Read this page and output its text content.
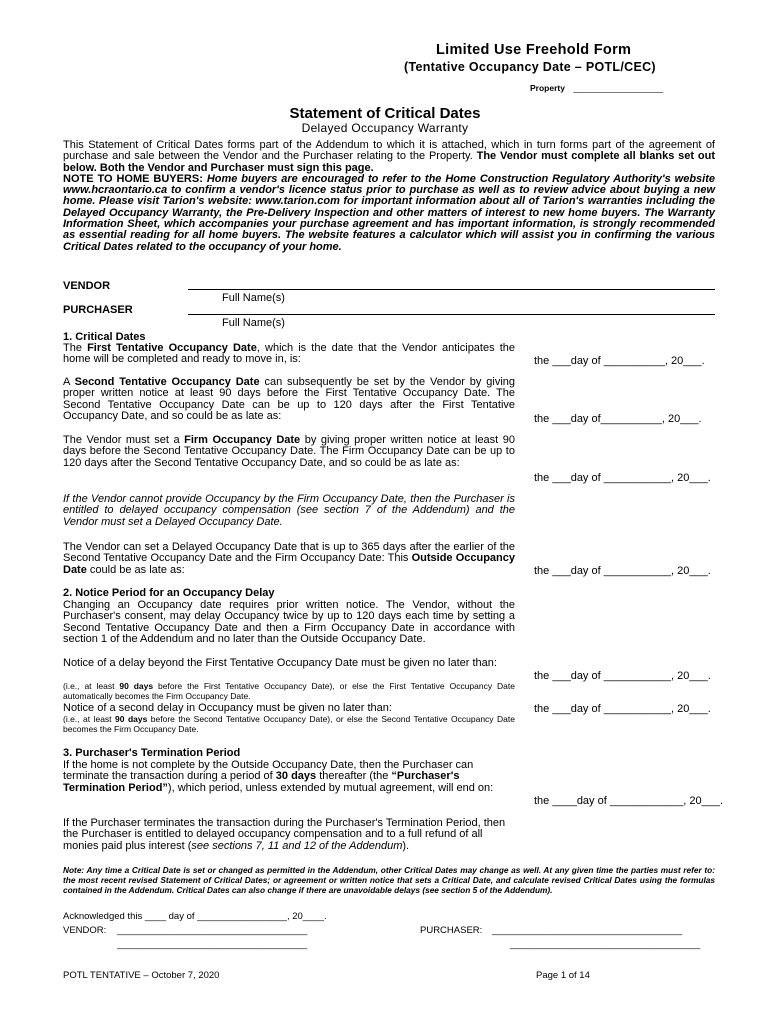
Limited Use Freehold Form
(Tentative Occupancy Date – POTL/CEC)
Property ___________________
Statement of Critical Dates
Delayed Occupancy Warranty
This Statement of Critical Dates forms part of the Addendum to which it is attached, which in turn forms part of the agreement of purchase and sale between the Vendor and the Purchaser relating to the Property. The Vendor must complete all blanks set out below. Both the Vendor and Purchaser must sign this page.
NOTE TO HOME BUYERS: Home buyers are encouraged to refer to the Home Construction Regulatory Authority's website www.hcraontario.ca to confirm a vendor's licence status prior to purchase as well as to review advice about buying a new home. Please visit Tarion's website: www.tarion.com for important information about all of Tarion's warranties including the Delayed Occupancy Warranty, the Pre-Delivery Inspection and other matters of interest to new home buyers. The Warranty Information Sheet, which accompanies your purchase agreement and has important information, is strongly recommended as essential reading for all home buyers. The website features a calculator which will assist you in confirming the various Critical Dates related to the occupancy of your home.
VENDOR
Full Name(s)
PURCHASER
Full Name(s)
1. Critical Dates
The First Tentative Occupancy Date, which is the date that the Vendor anticipates the home will be completed and ready to move in, is:	the ___day of __________, 20___.
A Second Tentative Occupancy Date can subsequently be set by the Vendor by giving proper written notice at least 90 days before the First Tentative Occupancy Date. The Second Tentative Occupancy Date can be up to 120 days after the First Tentative Occupancy Date, and so could be as late as:	the ___day of__________, 20___.
The Vendor must set a Firm Occupancy Date by giving proper written notice at least 90 days before the Second Tentative Occupancy Date. The Firm Occupancy Date can be up to 120 days after the Second Tentative Occupancy Date, and so could be as late as:
the ___day of ___________, 20___.
If the Vendor cannot provide Occupancy by the Firm Occupancy Date, then the Purchaser is entitled to delayed occupancy compensation (see section 7 of the Addendum) and the Vendor must set a Delayed Occupancy Date.
The Vendor can set a Delayed Occupancy Date that is up to 365 days after the earlier of the Second Tentative Occupancy Date and the Firm Occupancy Date: This Outside Occupancy Date could be as late as:	the ___day of ___________, 20___.
2. Notice Period for an Occupancy Delay
Changing an Occupancy date requires prior written notice. The Vendor, without the Purchaser's consent, may delay Occupancy twice by up to 120 days each time by setting a Second Tentative Occupancy Date and then a Firm Occupancy Date in accordance with section 1 of the Addendum and no later than the Outside Occupancy Date.
Notice of a delay beyond the First Tentative Occupancy Date must be given no later than:
the ___day of ___________, 20___.
(i.e., at least 90 days before the First Tentative Occupancy Date), or else the First Tentative Occupancy Date automatically becomes the Firm Occupancy Date.
Notice of a second delay in Occupancy must be given no later than:	the ___day of ___________, 20___.
(i.e., at least 90 days before the Second Tentative Occupancy Date), or else the Second Tentative Occupancy Date becomes the Firm Occupancy Date.
3. Purchaser's Termination Period
If the home is not complete by the Outside Occupancy Date, then the Purchaser can terminate the transaction during a period of 30 days thereafter (the “Purchaser's Termination Period”), which period, unless extended by mutual agreement, will end on:
the ____day of ____________, 20___.
If the Purchaser terminates the transaction during the Purchaser's Termination Period, then the Purchaser is entitled to delayed occupancy compensation and to a full refund of all monies paid plus interest (see sections 7, 11 and 12 of the Addendum).
Note: Any time a Critical Date is set or changed as permitted in the Addendum, other Critical Dates may change as well. At any given time the parties must refer to: the most recent revised Statement of Critical Dates; or agreement or written notice that sets a Critical Date, and calculate revised Critical Dates using the formulas contained in the Addendum. Critical Dates can also change if there are unavoidable delays (see section 5 of the Addendum).
Acknowledged this ____ day of _________________, 20____.
VENDOR: ____________________________________
____________________________________
PURCHASER: ____________________________________
____________________________________
POTL TENTATIVE – October 7, 2020	Page 1 of 14
